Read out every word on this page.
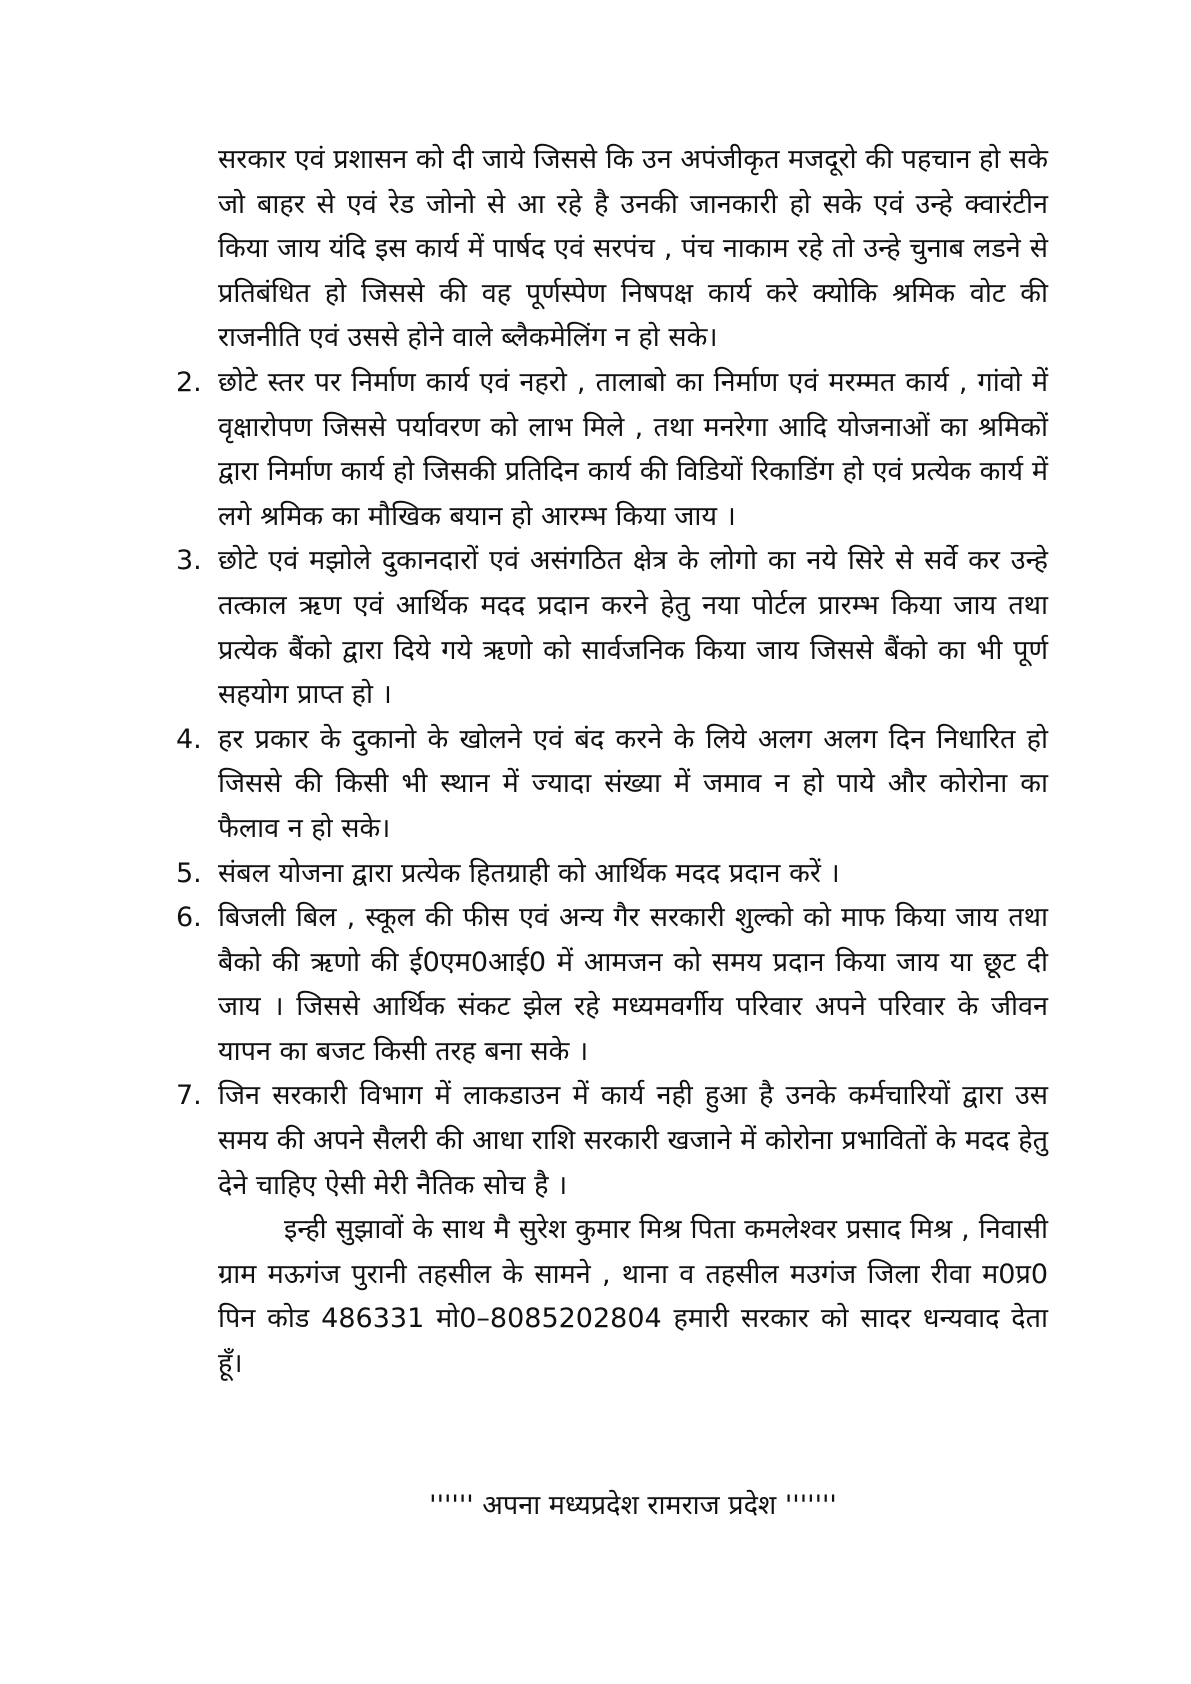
सरकार एवं प्रशासन को दी जाये जिससे कि उन अपंजीकृत मजदूरो की पहचान हो सके जो बाहर से एवं रेड जोनो से आ रहे है उनकी जानकारी हो सके एवं उन्हे क्वारंटीन किया जाय यंदि इस कार्य में पार्षद एवं सरपंच , पंच नाकाम रहे तो उन्हे चुनाब लडने से प्रतिबंधित हो जिससे की वह पूर्णस्पेण निषपक्ष कार्य करे क्योकि श्रमिक वोट की राजनीति एवं उससे होने वाले ब्लैकमेलिंग न हो सके।

2. छोटे स्तर पर निर्माण कार्य एवं नहरो , तालाबो का निर्माण एवं मरम्मत कार्य , गांवो में वृक्षारोपण जिससे पर्यावरण को लाभ मिले , तथा मनरेगा आदि योजनाओं का श्रमिकों द्वारा निर्माण कार्य हो जिसकी प्रतिदिन कार्य की विडियों रिकाडिंग हो एवं प्रत्येक कार्य में लगे श्रमिक का मौखिक बयान हो आरम्भ किया जाय ।
3. छोटे एवं मझोले दुकानदारों एवं असंगठित क्षेत्र के लोगो का नये सिरे से सर्वे कर उन्हे तत्काल ऋण एवं आर्थिक मदद प्रदान करने हेतु नया पोर्टल प्रारम्भ किया जाय तथा प्रत्येक बैंको द्वारा दिये गये ऋणो को सार्वजनिक किया जाय जिससे बैंको का भी पूर्ण सहयोग प्राप्त हो ।
4. हर प्रकार के दुकानो के खोलने एवं बंद करने के लिये अलग अलग दिन निधारित हो जिससे की किसी भी स्थान में ज्यादा संख्या में जमाव न हो पाये और कोरोना का फैलाव न हो सके।
5. संबल योजना द्वारा प्रत्येक हितग्राही को आर्थिक मदद प्रदान करें ।
6. बिजली बिल , स्कूल की फीस एवं अन्य गैर सरकारी शुल्को को माफ किया जाय तथा बैको की ऋणो की ई0एम0आई0 में आमजन को समय प्रदान किया जाय या छूट दी जाय । जिससे आर्थिक संकट झेल रहे मध्यमवर्गीय परिवार अपने परिवार के जीवन यापन का बजट किसी तरह बना सके ।
7. जिन सरकारी विभाग में लाकडाउन में कार्य नही हुआ है उनके कर्मचारियों द्वारा उस समय की अपने सैलरी की आधा राशि सरकारी खजाने में कोरोना प्रभावितों के मदद हेतु देने चाहिए ऐसी मेरी नैतिक सोच है ।

इन्ही सुझावों के साथ मै सुरेश कुमार मिश्र पिता कमलेश्वर प्रसाद मिश्र , निवासी ग्राम मऊगंज पुरानी तहसील के सामने , थाना व तहसील मउगंज जिला रीवा म0प्र0 पिन कोड 486331 मो0–8085202804 हमारी सरकार को सादर धन्यवाद देता हूँ।

'''''' अपना मध्यप्रदेश रामराज प्रदेश '''''''
